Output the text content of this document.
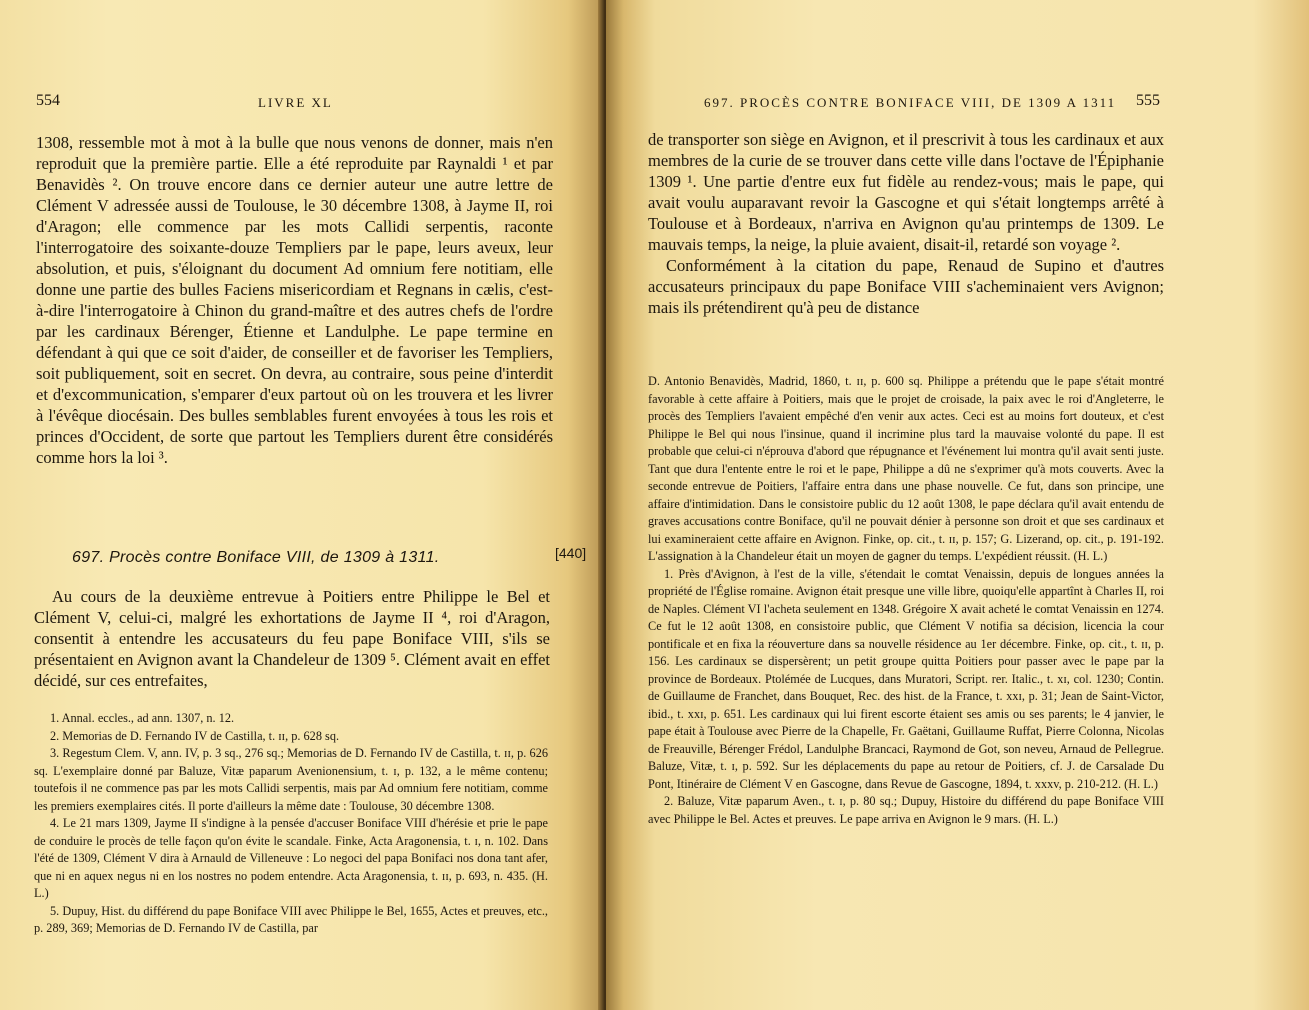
554	LIVRE XL

1308, ressemble mot à mot à la bulle que nous venons de donner, mais n'en reproduit que la première partie. Elle a été reproduite par Raynaldi ¹ et par Benavidès ². On trouve encore dans ce dernier auteur une autre lettre de Clément V adressée aussi de Toulouse, le 30 décembre 1308, à Jayme II, roi d'Aragon; elle commence par les mots Callidi serpentis, raconte l'interrogatoire des soixante-douze Templiers par le pape, leurs aveux, leur absolution, et puis, s'éloignant du document Ad omnium fere notitiam, elle donne une partie des bulles Faciens misericordiam et Regnans in cælis, c'est-à-dire l'interrogatoire à Chinon du grand-maître et des autres chefs de l'ordre par les cardinaux Bérenger, Étienne et Landulphe. Le pape termine en défendant à qui que ce soit d'aider, de conseiller et de favoriser les Templiers, soit publiquement, soit en secret. On devra, au contraire, sous peine d'interdit et d'excommunication, s'emparer d'eux partout où on les trouvera et les livrer à l'évêque diocésain. Des bulles semblables furent envoyées à tous les rois et princes d'Occident, de sorte que partout les Templiers durent être considérés comme hors la loi ³.

697. Procès contre Boniface VIII, de 1309 à 1311.	[440]

Au cours de la deuxième entrevue à Poitiers entre Philippe le Bel et Clément V, celui-ci, malgré les exhortations de Jayme II ⁴, roi d'Aragon, consentit à entendre les accusateurs du feu pape Boniface VIII, s'ils se présentaient en Avignon avant la Chandeleur de 1309 ⁵. Clément avait en effet décidé, sur ces entrefaites,

1. Annal. eccles., ad ann. 1307, n. 12.

2. Memorias de D. Fernando IV de Castilla, t. ɪɪ, p. 628 sq.

3. Regestum Clem. V, ann. IV, p. 3 sq., 276 sq.; Memorias de D. Fernando IV de Castilla, t. ɪɪ, p. 626 sq. L'exemplaire donné par Baluze, Vitæ paparum Avenionensium, t. ɪ, p. 132, a le même contenu; toutefois il ne commence pas par les mots Callidi serpentis, mais par Ad omnium fere notitiam, comme les premiers exemplaires cités. Il porte d'ailleurs la même date : Toulouse, 30 décembre 1308.

4. Le 21 mars 1309, Jayme II s'indigne à la pensée d'accuser Boniface VIII d'hérésie et prie le pape de conduire le procès de telle façon qu'on évite le scandale. Finke, Acta Aragonensia, t. ɪ, n. 102. Dans l'été de 1309, Clément V dira à Arnauld de Villeneuve : Lo negoci del papa Bonifaci nos dona tant afer, que ni en aquex negus ni en los nostres no podem entendre. Acta Aragonensia, t. ɪɪ, p. 693, n. 435. (H. L.)

5. Dupuy, Hist. du différend du pape Boniface VIII avec Philippe le Bel, 1655, Actes et preuves, etc., p. 289, 369; Memorias de D. Fernando IV de Castilla, par

697. PROCÈS CONTRE BONIFACE VIII, DE 1309 A 1311 555

de transporter son siège en Avignon, et il prescrivit à tous les cardinaux et aux membres de la curie de se trouver dans cette ville dans l'octave de l'Épiphanie 1309 ¹. Une partie d'entre eux fut fidèle au rendez-vous; mais le pape, qui avait voulu auparavant revoir la Gascogne et qui s'était longtemps arrêté à Toulouse et à Bordeaux, n'arriva en Avignon qu'au printemps de 1309. Le mauvais temps, la neige, la pluie avaient, disait-il, retardé son voyage ².

Conformément à la citation du pape, Renaud de Supino et d'autres accusateurs principaux du pape Boniface VIII s'acheminaient vers Avignon; mais ils prétendirent qu'à peu de distance

D. Antonio Benavidès, Madrid, 1860, t. ɪɪ, p. 600 sq. Philippe a prétendu que le pape s'était montré favorable à cette affaire à Poitiers, mais que le projet de croisade, la paix avec le roi d'Angleterre, le procès des Templiers l'avaient empêché d'en venir aux actes. Ceci est au moins fort douteux, et c'est Philippe le Bel qui nous l'insinue, quand il incrimine plus tard la mauvaise volonté du pape. Il est probable que celui-ci n'éprouva d'abord que répugnance et l'événement lui montra qu'il avait senti juste. Tant que dura l'entente entre le roi et le pape, Philippe a dû ne s'exprimer qu'à mots couverts. Avec la seconde entrevue de Poitiers, l'affaire entra dans une phase nouvelle. Ce fut, dans son principe, une affaire d'intimidation. Dans le consistoire public du 12 août 1308, le pape déclara qu'il avait entendu de graves accusations contre Boniface, qu'il ne pouvait dénier à personne son droit et que ses cardinaux et lui examineraient cette affaire en Avignon. Finke, op. cit., t. ɪɪ, p. 157; G. Lizerand, op. cit., p. 191-192. L'assignation à la Chandeleur était un moyen de gagner du temps. L'expédient réussit. (H. L.)

1. Près d'Avignon, à l'est de la ville, s'étendait le comtat Venaissin, depuis de longues années la propriété de l'Église romaine. Avignon était presque une ville libre, quoiqu'elle appartînt à Charles II, roi de Naples. Clément VI l'acheta seulement en 1348. Grégoire X avait acheté le comtat Venaissin en 1274. Ce fut le 12 août 1308, en consistoire public, que Clément V notifia sa décision, licencia la cour pontificale et en fixa la réouverture dans sa nouvelle résidence au 1er décembre. Finke, op. cit., t. ɪɪ, p. 156. Les cardinaux se dispersèrent; un petit groupe quitta Poitiers pour passer avec le pape par la province de Bordeaux. Ptolémée de Lucques, dans Muratori, Script. rer. Italic., t. xɪ, col. 1230; Contin. de Guillaume de Franchet, dans Bouquet, Rec. des hist. de la France, t. xxɪ, p. 31; Jean de Saint-Victor, ibid., t. xxɪ, p. 651. Les cardinaux qui lui firent escorte étaient ses amis ou ses parents; le 4 janvier, le pape était à Toulouse avec Pierre de la Chapelle, Fr. Gaëtani, Guillaume Ruffat, Pierre Colonna, Nicolas de Freauville, Bérenger Frédol, Landulphe Brancaci, Raymond de Got, son neveu, Arnaud de Pellegrue. Baluze, Vitæ, t. ɪ, p. 592. Sur les déplacements du pape au retour de Poitiers, cf. J. de Carsalade Du Pont, Itinéraire de Clément V en Gascogne, dans Revue de Gascogne, 1894, t. xxxv, p. 210-212. (H. L.)

2. Baluze, Vitæ paparum Aven., t. ɪ, p. 80 sq.; Dupuy, Histoire du différend du pape Boniface VIII avec Philippe le Bel. Actes et preuves. Le pape arriva en Avignon le 9 mars. (H. L.)
